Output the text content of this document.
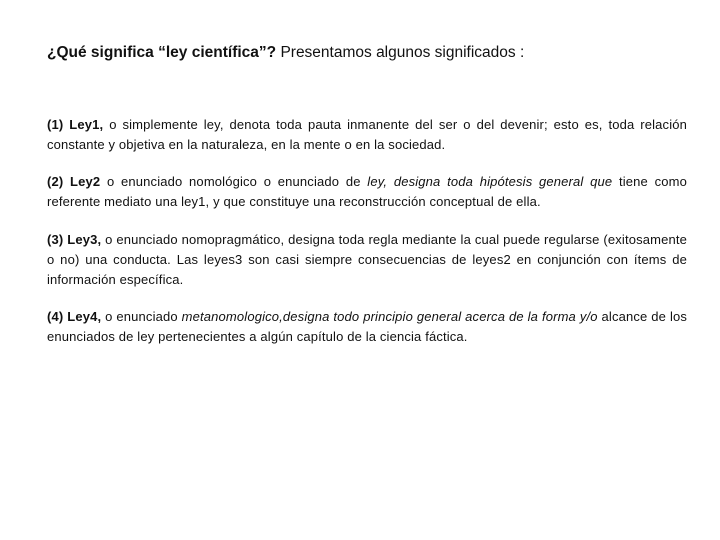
¿Qué significa “ley científica”? Presentamos algunos significados :
(1) Ley1, o simplemente ley, denota toda pauta inmanente del ser o del devenir; esto es, toda relación constante y objetiva en la naturaleza, en la mente o en la sociedad.
(2) Ley2 o enunciado nomológico o enunciado de ley, designa toda hipótesis general que tiene como referente mediato una ley1, y que constituye una reconstrucción conceptual de ella.
(3) Ley3, o enunciado nomopragmático, designa toda regla mediante la cual puede regularse (exitosamente o no) una conducta. Las leyes3 son casi siempre consecuencias de leyes2 en conjunción con ítems de información específica.
(4) Ley4, o enunciado metanomologico,designa todo principio general acerca de la forma y/o alcance de los enunciados de ley pertenecientes a algún capítulo de la ciencia fáctica.
